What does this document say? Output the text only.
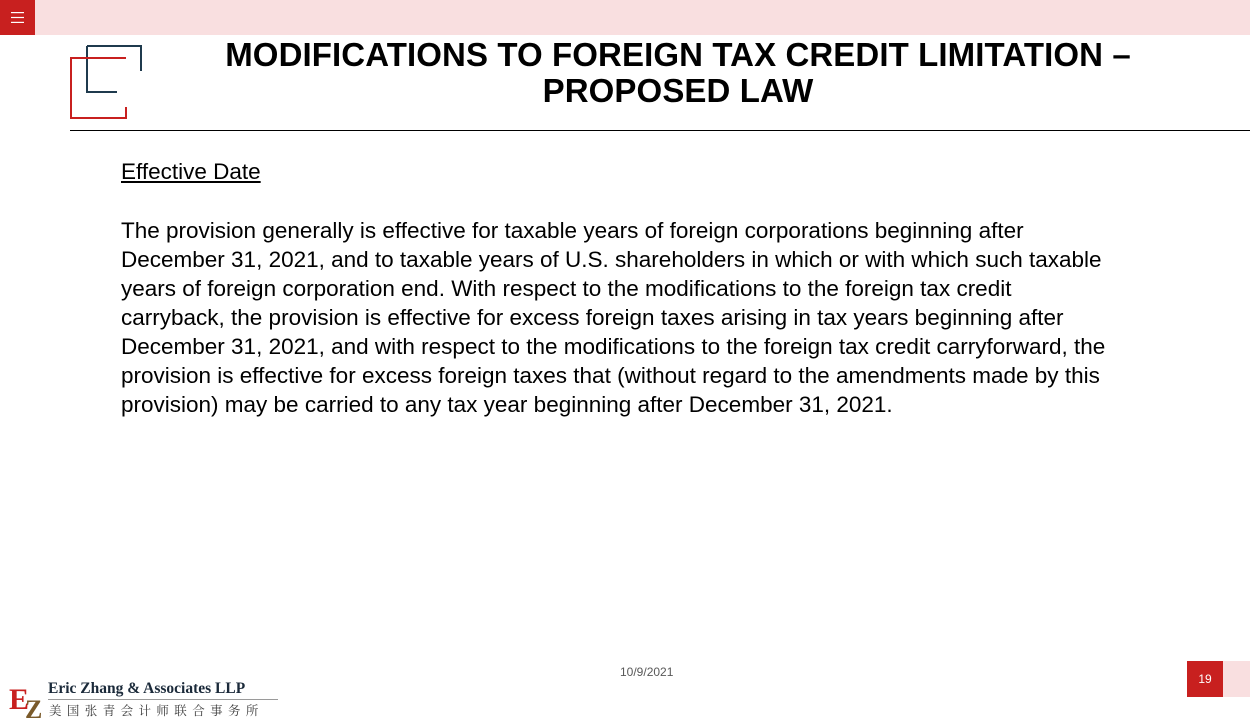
MODIFICATIONS TO FOREIGN TAX CREDIT LIMITATION – PROPOSED LAW

Effective Date

The provision generally is effective for taxable years of foreign corporations beginning after December 31, 2021, and to taxable years of U.S. shareholders in which or with which such taxable years of foreign corporation end. With respect to the modifications to the foreign tax credit carryback, the provision is effective for excess foreign taxes arising in tax years beginning after December 31, 2021, and with respect to the modifications to the foreign tax credit carryforward, the provision is effective for excess foreign taxes that (without regard to the amendments made by this provision) may be carried to any tax year beginning after December 31, 2021.

10/9/2021	19
E
Z
Eric Zhang & Associates LLP
美国张青会计师联合事务所
